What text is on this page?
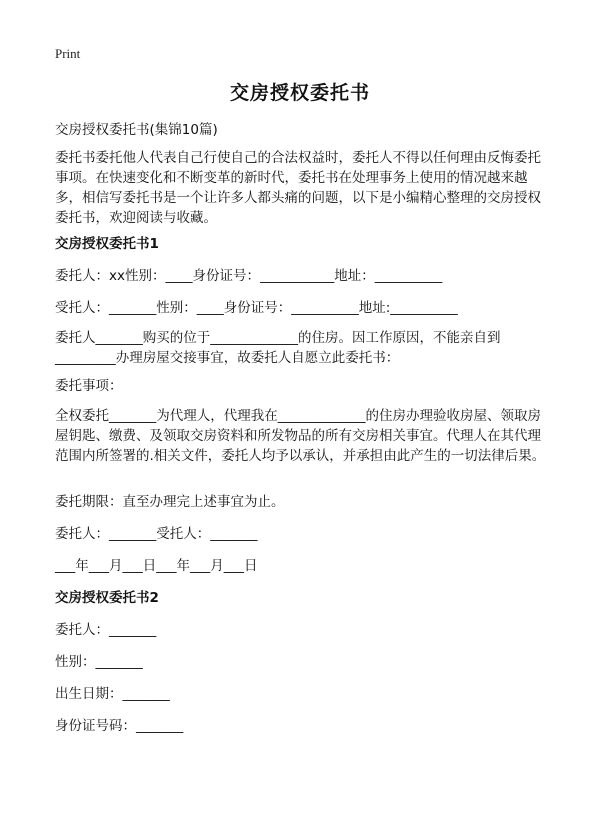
Print
交房授权委托书
交房授权委托书(集锦10篇)
委托书委托他人代表自己行使自己的合法权益时，委托人不得以任何理由反悔委托事项。在快速变化和不断变革的新时代，委托书在处理事务上使用的情况越来越多，相信写委托书是一个让许多人都头痛的问题，以下是小编精心整理的交房授权委托书，欢迎阅读与收藏。
交房授权委托书1
委托人：xx性别：____身份证号：___________地址：__________
受托人：_______性别：____身份证号：__________地址:__________
委托人_______购买的位于_____________的住房。因工作原因，不能亲自到_________办理房屋交接事宜，故委托人自愿立此委托书：
委托事项：
全权委托_______为代理人，代理我在_____________的住房办理验收房屋、领取房屋钥匙、缴费、及领取交房资料和所发物品的所有交房相关事宜。代理人在其代理范围内所签署的.相关文件，委托人均予以承认，并承担由此产生的一切法律后果。
委托期限：直至办理完上述事宜为止。
委托人：_______受托人：_______
___年___月___日___年___月___日
交房授权委托书2
委托人：_______
性别：_______
出生日期：_______
身份证号码：_______
